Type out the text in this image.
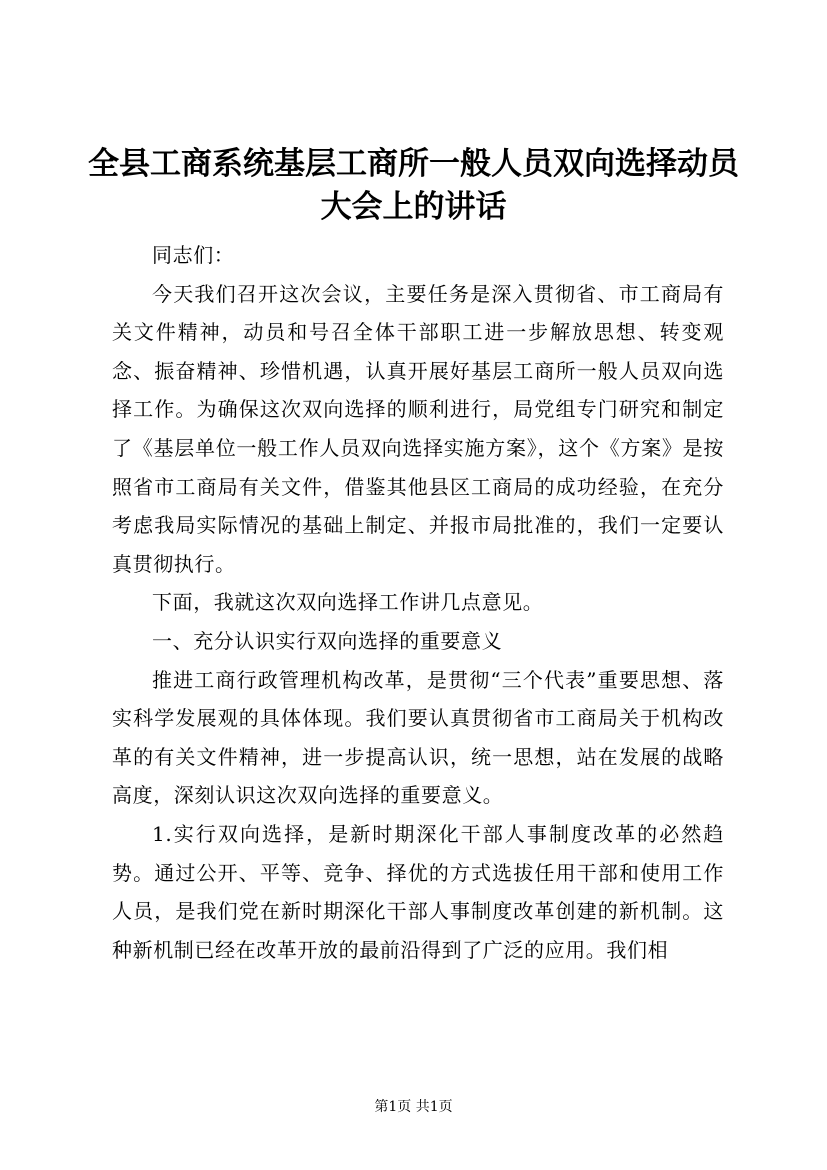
全县工商系统基层工商所一般人员双向选择动员大会上的讲话

同志们：

今天我们召开这次会议，主要任务是深入贯彻省、市工商局有关文件精神，动员和号召全体干部职工进一步解放思想、转变观念、振奋精神、珍惜机遇，认真开展好基层工商所一般人员双向选择工作。为确保这次双向选择的顺利进行，局党组专门研究和制定了《基层单位一般工作人员双向选择实施方案》，这个《方案》是按照省市工商局有关文件，借鉴其他县区工商局的成功经验，在充分考虑我局实际情况的基础上制定、并报市局批准的，我们一定要认真贯彻执行。

下面，我就这次双向选择工作讲几点意见。

一、充分认识实行双向选择的重要意义

推进工商行政管理机构改革，是贯彻“三个代表”重要思想、落实科学发展观的具体体现。我们要认真贯彻省市工商局关于机构改革的有关文件精神，进一步提高认识，统一思想，站在发展的战略高度，深刻认识这次双向选择的重要意义。

1.实行双向选择，是新时期深化干部人事制度改革的必然趋势。通过公开、平等、竞争、择优的方式选拔任用干部和使用工作人员，是我们党在新时期深化干部人事制度改革创建的新机制。这种新机制已经在改革开放的最前沿得到了广泛的应用。我们相

第1页 共1页
